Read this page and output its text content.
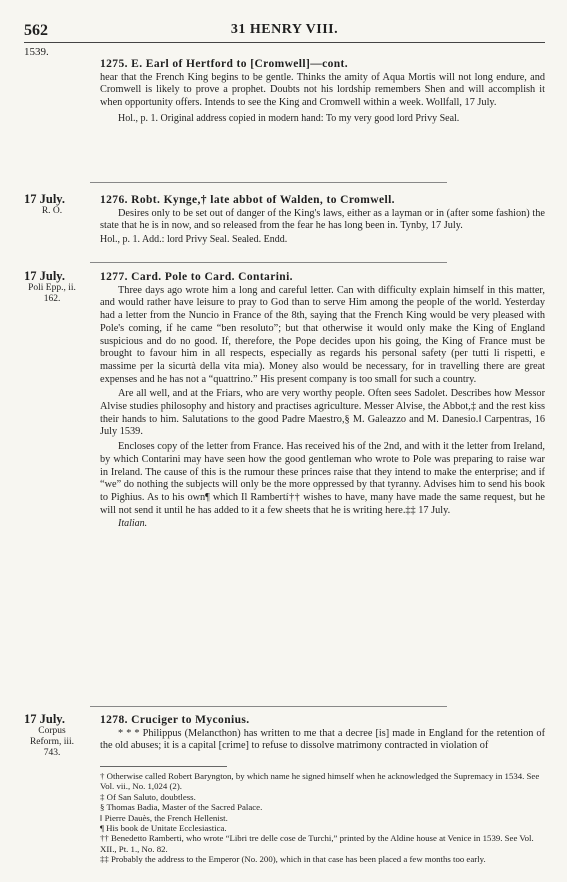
562	31 HENRY VIII.
1539.
1275. E. Earl of Hertford to [Cromwell]—cont.

hear that the French King begins to be gentle. Thinks the amity of Aqua Mortis will not long endure, and Cromwell is likely to prove a prophet. Doubts not his lordship remembers Shen and will accomplish it when opportunity offers. Intends to see the King and Cromwell within a week. Wollfall, 17 July.

Hol., p. 1. Original address copied in modern hand: To my very good lord Privy Seal.

17 July.
R. O.
1276. Robt. Kynge,† late abbot of Walden, to Cromwell.

Desires only to be set out of danger of the King's laws, either as a layman or in (after some fashion) the state that he is in now, and so released from the fear he has long been in. Tynby, 17 July.

Hol., p. 1. Add.: lord Privy Seal. Sealed. Endd.

17 July.
Poli Epp., ii. 162.
1277. Card. Pole to Card. Contarini.

Three days ago wrote him a long and careful letter. Can with difficulty explain himself in this matter, and would rather have leisure to pray to God than to serve Him among the people of the world. Yesterday had a letter from the Nuncio in France of the 8th, saying that the French King would be very pleased with Pole's coming, if he came “ben resoluto”; but that otherwise it would only make the King of England suspicious and do no good. If, therefore, the Pope decides upon his going, the King of France must be brought to favour him in all respects, especially as regards his personal safety (per tutti li rispetti, e massime per la sicurtà della vita mia). Money also would be necessary, for in travelling there are great expenses and he has not a “quattrino.” His present company is too small for such a country.

Are all well, and at the Friars, who are very worthy people. Often sees Sadolet. Describes how Messor Alvise studies philosophy and history and practises agriculture. Messer Alvise, the Abbot,‡ and the rest kiss their hands to him. Salutations to the good Padre Maestro,§ M. Galeazzo and M. Danesio.‖ Carpentras, 16 July 1539.

Encloses copy of the letter from France. Has received his of the 2nd, and with it the letter from Ireland, by which Contarini may have seen how the good gentleman who wrote to Pole was preparing to raise war in Ireland. The cause of this is the rumour these princes raise that they intend to make the enterprise; and if “we” do nothing the subjects will only be the more oppressed by that tyranny. Advises him to send his book to Pighius. As to his own¶ which Il Rambertí†† wishes to have, many have made the same request, but he will not send it until he has added to it a few sheets that he is writing here.‡‡ 17 July.

Italian.

17 July.
Corpus Reform, iii. 743.
1278. Cruciger to Myconius.

* * * Philippus (Melancthon) has written to me that a decree [is] made in England for the retention of the old abuses; it is a capital [crime] to refuse to dissolve matrimony contracted in violation of

† Otherwise called Robert Baryngton, by which name he signed himself when he acknowledged the Supremacy in 1534. See Vol. vii., No. 1,024 (2).
‡ Of San Saluto, doubtless.
§ Thomas Badia, Master of the Sacred Palace.
‖ Pierre Dauès, the French Hellenist.
¶ His book de Unitate Ecclesiastica.
†† Benedetto Ramberti, who wrote “Libri tre delle cose de Turchi,” printed by the Aldine house at Venice in 1539. See Vol. XII., Pt. 1., No. 82.
‡‡ Probably the address to the Emperor (No. 200), which in that case has been placed a few months too early.
